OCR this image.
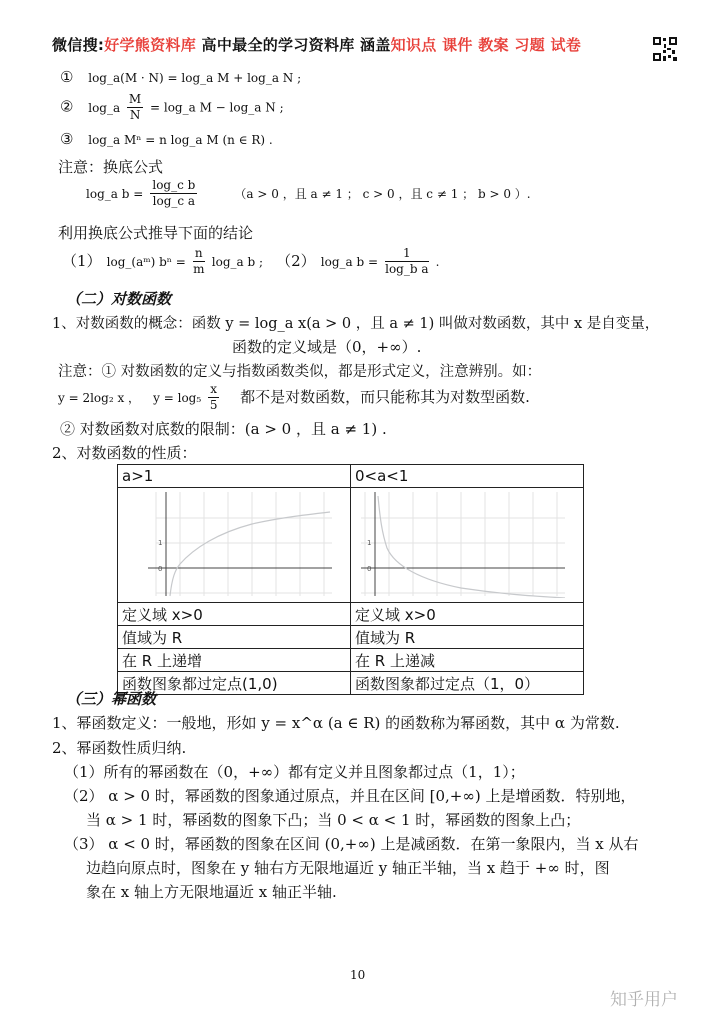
微信搜:好学熊资料库 高中最全的学习资料库 涵盖知识点 课件 教案 习题 试卷
① log_a(M · N) = log_a M + log_a N ;
② log_a $\frac{M}{N}$ = log_a M − log_a N ;
③ log_a Mⁿ = n log_a M (n ∈ R) .
注意：换底公式
log_a $b = \frac{\text{log\_c b}}{\text{log\_c a}}$	（a > 0 ，且 a ≠ 1 ； c > 0 ，且 c ≠ 1 ； b > 0 ）.
利用换底公式推导下面的结论
（1） log_(aᵐ) $b^n = \frac{n}{m}$ log_a b ; （2） log_a $b = \frac{1}{\text{log\_b a}}$ .
（二）对数函数
1、对数函数的概念：函数 y = log_a x(a > 0 ，且 a ≠ 1) 叫做对数函数，其中 x 是自变量，
函数的定义域是（0，+∞）.
注意：① 对数函数的定义与指数函数类似，都是形式定义，注意辨别。如：
y = 2log₂ x ， $y = \log_5 \frac{x}{5}$ 都不是对数函数，而只能称其为对数型函数.
② 对数函数对底数的限制：(a > 0 ，且 a ≠ 1) .
2、对数函数的性质：
a>1	0<a<1

1
0	1
0

定义域 x>0	定义域 x>0
值域为 R	值域为 R
在 R 上递增	在 R 上递减
函数图象都过定点(1,0)	函数图象都过定点（1，0）
（三）幂函数
1、幂函数定义：一般地，形如 y = x^α (a ∈ R) 的函数称为幂函数，其中 α 为常数.
2、幂函数性质归纳.
（1）所有的幂函数在（0，+∞）都有定义并且图象都过点（1，1）；
（2） α > 0 时，幂函数的图象通过原点，并且在区间 [0,+∞) 上是增函数．特别地，
当 α > 1 时，幂函数的图象下凸；当 0 < α < 1 时，幂函数的图象上凸；
（3） α < 0 时，幂函数的图象在区间 (0,+∞) 上是减函数．在第一象限内，当 x 从右
边趋向原点时，图象在 y 轴右方无限地逼近 y 轴正半轴，当 x 趋于 +∞ 时，图
象在 x 轴上方无限地逼近 x 轴正半轴.
10
知乎用户
